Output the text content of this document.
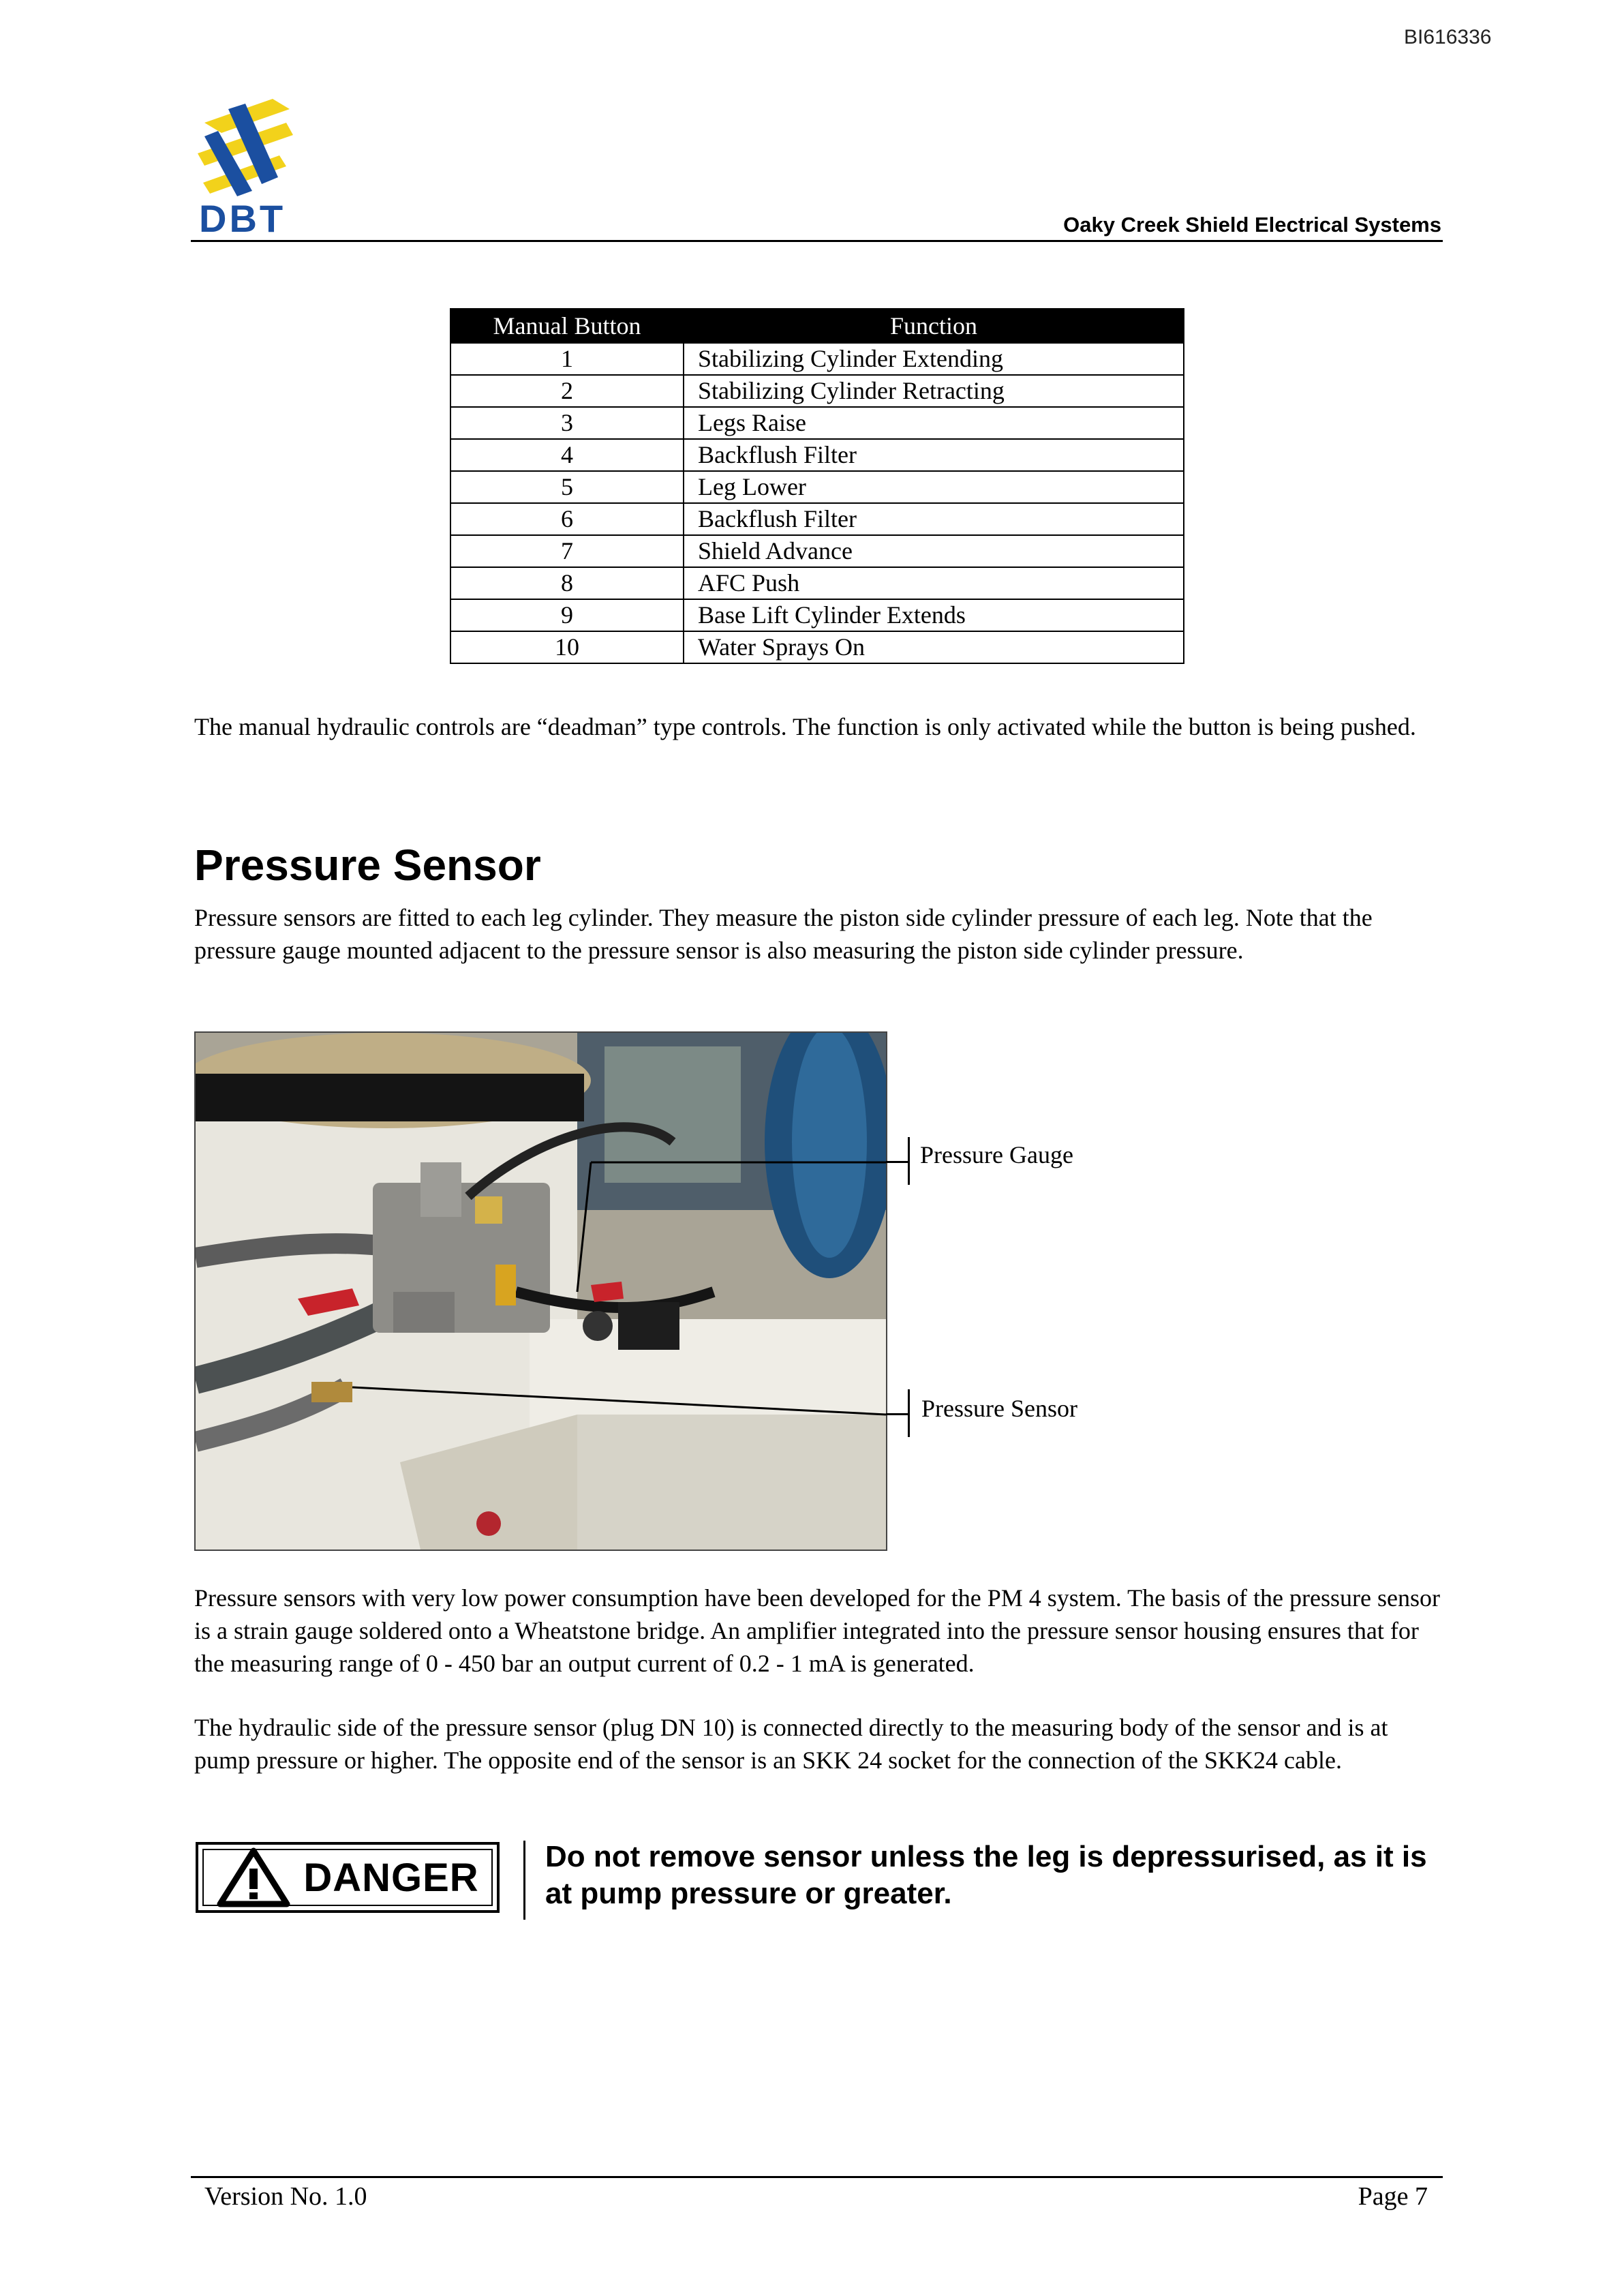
BI616336
DBT	Oaky Creek Shield Electrical Systems
Manual Button	Function
1	Stabilizing Cylinder Extending
2	Stabilizing Cylinder Retracting
3	Legs Raise
4	Backflush Filter
5	Leg Lower
6	Backflush Filter
7	Shield Advance
8	AFC Push
9	Base Lift Cylinder Extends
10	Water Sprays On
The manual hydraulic controls are “deadman” type controls. The function is only activated while the button is being pushed.
Pressure Sensor
Pressure sensors are fitted to each leg cylinder. They measure the piston side cylinder pressure of each leg. Note that the pressure gauge mounted adjacent to the pressure sensor is also measuring the piston side cylinder pressure.
Pressure Gauge
Pressure Sensor
Pressure sensors with very low power consumption have been developed for the PM 4 system. The basis of the pressure sensor is a strain gauge soldered onto a Wheatstone bridge. An amplifier integrated into the pressure sensor housing ensures that for the measuring range of 0 - 450 bar an output current of 0.2 - 1 mA is generated.
The hydraulic side of the pressure sensor (plug DN 10) is connected directly to the measuring body of the sensor and is at pump pressure or higher. The opposite end of the sensor is an SKK 24 socket for the connection of the SKK24 cable.
DANGER Do not remove sensor unless the leg is depressurised, as it is at pump pressure or greater.
Version No. 1.0	Page 7
